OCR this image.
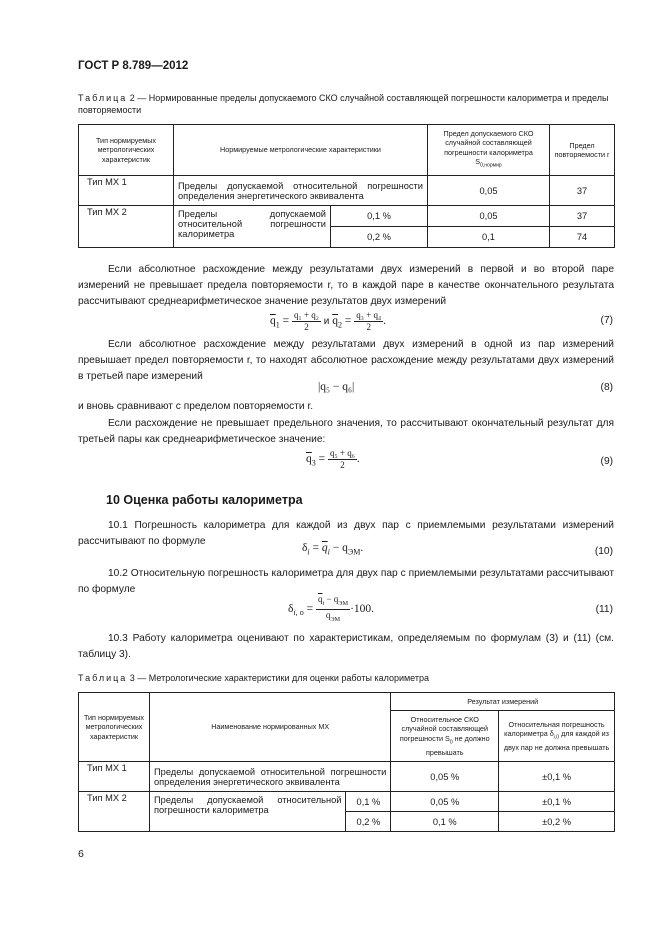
ГОСТ Р 8.789—2012
Таблица 2 — Нормированные пределы допускаемого СКО случайной составляющей погрешности калориметра и пределы повторяемости
Тип нормируемых метрологических характеристик	Нормируемые метрологические характеристики		Предел допускаемого СКО случайной составляющей погрешности калориметра $S_{0,нормир}$	Предел повторяемости r
Тип МХ 1	Пределы допускаемой относительной погрешности определения энергетического эквивалента		0,05	37
Тип МХ 2	Пределы допускаемой относительной погрешности калориметра	0,1 %	0,05	37
		0,2 %	0,1	74
Если абсолютное расхождение между результатами двух измерений в первой и во второй паре измерений не превышает предела повторяемости r, то в каждой паре в качестве окончательного результата рассчитывают среднеарифметическое значение результатов двух измерений
$\overline{q}_1 = \frac{\text{q₁ + q₂}}{2}$ и $\overline{q}_2 = \frac{\text{q₃ + q₄}}{2}$ .	(7)
Если абсолютное расхождение между результатами двух измерений в одной из пар измерений превышает предел повторяемости r, то находят абсолютное расхождение между результатами двух измерений в третьей паре измерений
|q₅ − q₆|	(8)
и вновь сравнивают с пределом повторяемости r.
Если расхождение не превышает предельного значения, то рассчитывают окончательный результат для третьей пары как среднеарифметическое значение:
$\overline{q}_3 = \frac{\text{q₅ + q₆}}{2}$ .	(9)
10 Оценка работы калориметра
10.1 Погрешность калориметра для каждой из двух пар с приемлемыми результатами измерений рассчитывают по формуле
$\delta_i = \overline{q}_i - q_{ЭМ}$.	(10)
10.2 Относительную погрешность калориметра для двух пар с приемлемыми результатами рассчитывают по формуле
$\delta_{i, o} = \frac{\overline{q}_i - q_{ЭМ}}{q_{ЭМ}} \cdot 100$.	(11)
10.3 Работу калориметра оценивают по характеристикам, определяемым по формулам (3) и (11) (см. таблицу 3).
Таблица 3 — Метрологические характеристики для оценки работы калориметра
Тип нормируемых метрологических характеристик	Наименование нормированных МХ		Результат измерений	
			Относительное СКО случайной составляющей погрешности $S_0$ не должно превышать	Относительная погрешность калориметра $\delta_{i,0}$ для каждой из двух пар не должна превышать
Тип МХ 1	Пределы допускаемой относительной погрешности определения энергетического эквивалента		0,05 %	±0,1 %
Тип МХ 2	Пределы допускаемой относительной погрешности калориметра	0,1 %	0,05 %	±0,1 %
		0,2 %	0,1 %	±0,2 %
6
